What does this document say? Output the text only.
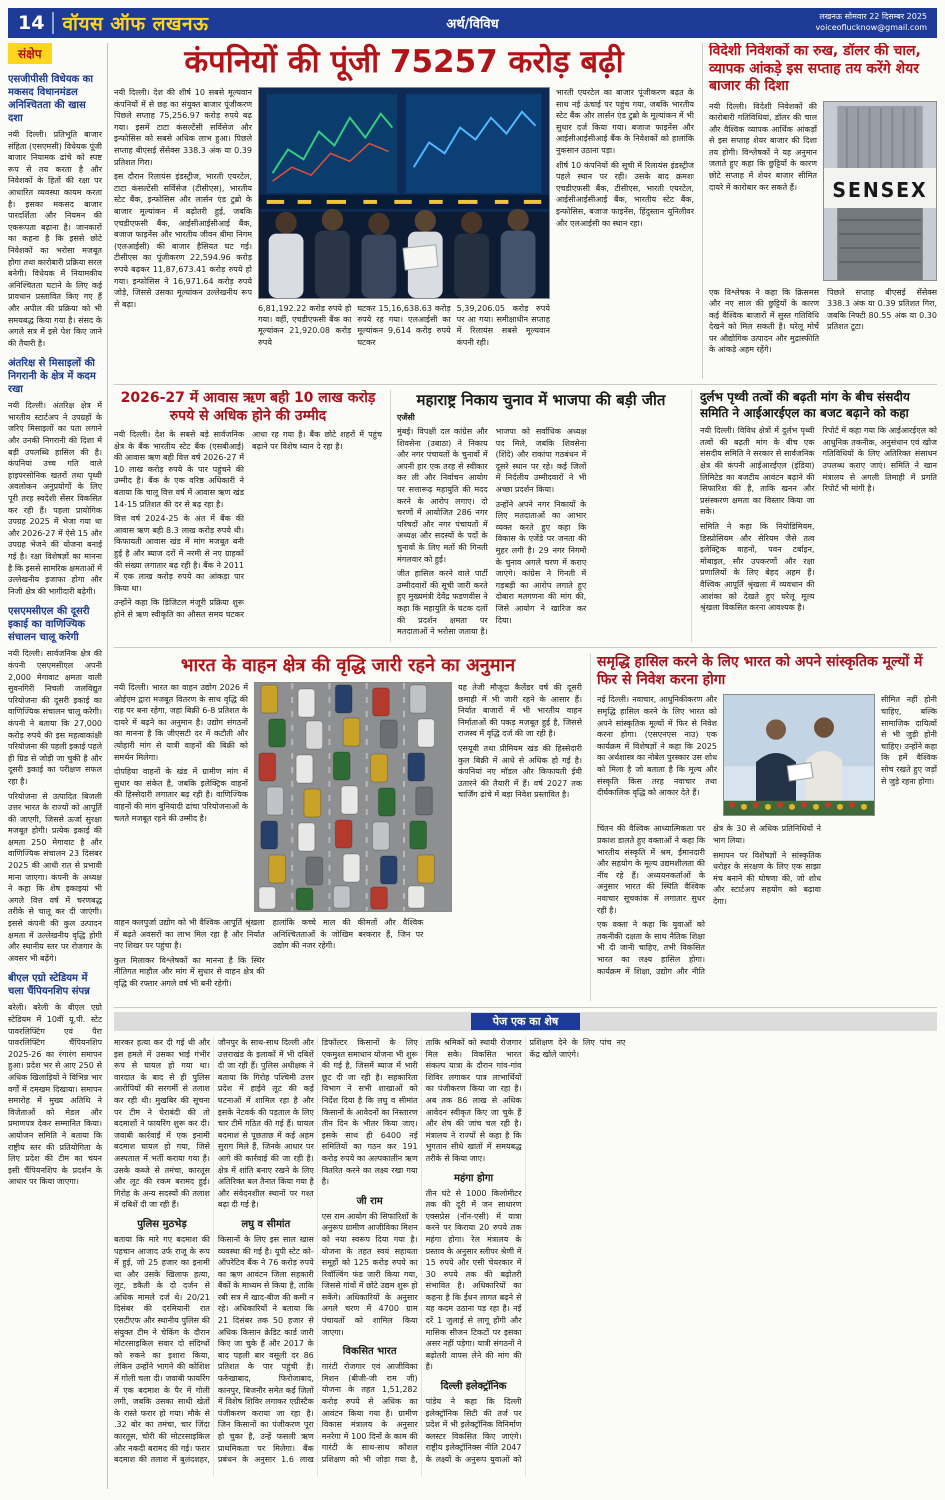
14 वॉयस ऑफ लखनऊ	अर्थ/विविध
लखनऊ सोमवार 22 दिसम्बर 2025
voiceoflucknow@gmail.com
संक्षेप
एसजीपीसी विधेयक का मकसद विधानमंडल अनिश्चितता की खास दशा

नयी दिल्ली। प्रतिभूति बाजार संहिता (एसएमसी) विधेयक पूंजी बाजार नियामक ढांचे को स्पष्ट रूप से तय करता है और निवेशकों के हितों की रक्षा पर आधारित व्यवस्था कायम करता है। इसका मकसद बाजार पारदर्शिता और नियमन की एकरूपता बढ़ाना है। जानकारों का कहना है कि इससे छोटे निवेशकों का भरोसा मजबूत होगा तथा कारोबारी प्रक्रिया सरल बनेगी। विधेयक में नियामकीय अनिश्चितता घटाने के लिए कई प्रावधान प्रस्तावित किए गए हैं और अपील की प्रक्रिया को भी समयबद्ध किया गया है। संसद के अगले सत्र में इसे पेश किए जाने की तैयारी है।

अंतरिक्ष से मिसाइलों की निगरानी के क्षेत्र में कदम रखा

नयी दिल्ली। अंतरिक्ष क्षेत्र में भारतीय स्टार्टअप ने उपग्रहों के जरिए मिसाइलों का पता लगाने और उनकी निगरानी की दिशा में बड़ी उपलब्धि हासिल की है। कंपनियां उच्च गति वाले हाइपरसोनिक खतरों तथा पृथ्वी अवलोकन अनुप्रयोगों के लिए पूरी तरह स्वदेशी सेंसर विकसित कर रही हैं। पहला प्रायोगिक उपग्रह 2025 में भेजा गया था और 2026-27 में ऐसे 15 और उपग्रह भेजने की योजना बनाई गई है। रक्षा विशेषज्ञों का मानना है कि इससे सामरिक क्षमताओं में उल्लेखनीय इजाफा होगा और निजी क्षेत्र की भागीदारी बढ़ेगी।

एसएमसीएल की दूसरी इकाई का वाणिज्यिक संचालन चालू करेगी

नयी दिल्ली। सार्वजनिक क्षेत्र की कंपनी एसएमसीएल अपनी 2,000 मेगावाट क्षमता वाली सुवनगिरी निचली जलविद्युत परियोजना की दूसरी इकाई का वाणिज्यिक संचालन चालू करेगी। कंपनी ने बताया कि 27,000 करोड़ रुपये की इस महत्वाकांक्षी परियोजना की पहली इकाई पहले ही ग्रिड से जोड़ी जा चुकी है और दूसरी इकाई का परीक्षण सफल रहा है।

परियोजना से उत्पादित बिजली उत्तर भारत के राज्यों को आपूर्ति की जाएगी, जिससे ऊर्जा सुरक्षा मजबूत होगी। प्रत्येक इकाई की क्षमता 250 मेगावाट है और वाणिज्यिक संचालन 23 दिसंबर 2025 की आधी रात से प्रभावी माना जाएगा। कंपनी के अध्यक्ष ने कहा कि शेष इकाइयां भी अगले वित्त वर्ष में चरणबद्ध तरीके से चालू कर दी जाएंगी। इससे कंपनी की कुल उत्पादन क्षमता में उल्लेखनीय वृद्धि होगी और स्थानीय स्तर पर रोजगार के अवसर भी बढ़ेंगे।

बीएल एग्रो स्टेडियम में चला चैंपियनशिप संपन्न

बरेली। बरेली के बीएल एग्रो स्टेडियम में 10वीं यू.पी. स्टेट पावरलिफ्टिंग एवं पैरा पावरलिफ्टिंग चैंपियनशिप 2025-26 का रंगारंग समापन हुआ। प्रदेश भर से आए 250 से अधिक खिलाड़ियों ने विभिन्न भार वर्गों में दमखम दिखाया। समापन समारोह में मुख्य अतिथि ने विजेताओं को मेडल और प्रमाणपत्र देकर सम्मानित किया। आयोजन समिति ने बताया कि राष्ट्रीय स्तर की प्रतियोगिता के लिए प्रदेश की टीम का चयन इसी चैंपियनशिप के प्रदर्शन के आधार पर किया जाएगा।

कंपनियों की पूंजी 75257 करोड़ बढ़ी

नयी दिल्ली। देश की शीर्ष 10 सबसे मूल्यवान कंपनियों में से छह का संयुक्त बाजार पूंजीकरण पिछले सप्ताह 75,256.97 करोड़ रुपये बढ़ गया। इसमें टाटा कंसल्टेंसी सर्विसेज और इन्फोसिस को सबसे अधिक लाभ हुआ। पिछले सप्ताह बीएसई सेंसेक्स 338.3 अंक या 0.39 प्रतिशत गिरा।

इस दौरान रिलायंस इंडस्ट्रीज, भारती एयरटेल, टाटा कंसल्टेंसी सर्विसेज (टीसीएस), भारतीय स्टेट बैंक, इन्फोसिस और लार्सन एंड टुब्रो के बाजार मूल्यांकन में बढ़ोतरी हुई, जबकि एचडीएफसी बैंक, आईसीआईसीआई बैंक, बजाज फाइनेंस और भारतीय जीवन बीमा निगम (एलआईसी) की बाजार हैसियत घट गई। टीसीएस का पूंजीकरण 22,594.96 करोड़ रुपये बढ़कर 11,87,673.41 करोड़ रुपये हो गया। इन्फोसिस ने 16,971.64 करोड़ रुपये जोड़े, जिससे उसका मूल्यांकन उल्लेखनीय रूप से बढ़ा।	6,81,192.22 करोड़ रुपये हो गया। वहीं, एचडीएफसी बैंक का मूल्यांकन 21,920.08 करोड़ रुपये
घटकर 15,16,638.63 करोड़ रुपये रह गया। एलआईसी का मूल्यांकन 9,614 करोड़ रुपये घटकर
5,39,206.05 करोड़ रुपये पर आ गया। समीक्षाधीन सप्ताह में रिलायंस सबसे मूल्यवान कंपनी रही।

भारती एयरटेल का बाजार पूंजीकरण बढ़त के साथ नई ऊंचाई पर पहुंच गया, जबकि भारतीय स्टेट बैंक और लार्सन एंड टुब्रो के मूल्यांकन में भी सुधार दर्ज किया गया। बजाज फाइनेंस और आईसीआईसीआई बैंक के निवेशकों को हालांकि नुकसान उठाना पड़ा।

शीर्ष 10 कंपनियों की सूची में रिलायंस इंडस्ट्रीज पहले स्थान पर रही। उसके बाद क्रमशः एचडीएफसी बैंक, टीसीएस, भारती एयरटेल, आईसीआईसीआई बैंक, भारतीय स्टेट बैंक, इन्फोसिस, बजाज फाइनेंस, हिंदुस्तान यूनिलीवर और एलआईसी का स्थान रहा।

विदेशी निवेशकों का रुख, डॉलर की चाल, व्यापक आंकड़े इस सप्ताह तय करेंगे शेयर बाजार की दिशा

नयी दिल्ली। विदेशी निवेशकों की कारोबारी गतिविधियां, डॉलर की चाल और वैश्विक व्यापक आर्थिक आंकड़ों से इस सप्ताह शेयर बाजार की दिशा तय होगी। विश्लेषकों ने यह अनुमान जताते हुए कहा कि छुट्टियों के कारण छोटे सप्ताह में शेयर बाजार सीमित दायरे में कारोबार कर सकते हैं।	SENSEX

एक विश्लेषक ने कहा कि क्रिसमस और नए साल की छुट्टियों के कारण कई वैश्विक बाजारों में सुस्त गतिविधि देखने को मिल सकती है। घरेलू मोर्चे पर औद्योगिक उत्पादन और मुद्रास्फीति के आंकड़े अहम रहेंगे।

पिछले सप्ताह बीएसई सेंसेक्स 338.3 अंक या 0.39 प्रतिशत गिरा, जबकि निफ्टी 80.55 अंक या 0.30 प्रतिशत टूटा।

2026-27 में आवास ऋण बही 10 लाख करोड़ रुपये से अधिक होने की उम्मीद

नयी दिल्ली। देश के सबसे बड़े सार्वजनिक क्षेत्र के बैंक भारतीय स्टेट बैंक (एसबीआई) की आवास ऋण बही वित्त वर्ष 2026-27 में 10 लाख करोड़ रुपये के पार पहुंचने की उम्मीद है। बैंक के एक वरिष्ठ अधिकारी ने बताया कि चालू वित्त वर्ष में आवास ऋण खंड 14-15 प्रतिशत की दर से बढ़ रहा है।

वित्त वर्ष 2024-25 के अंत में बैंक की आवास ऋण बही 8.3 लाख करोड़ रुपये थी। किफायती आवास खंड में मांग मजबूत बनी हुई है और ब्याज दरों में नरमी से नए ग्राहकों की संख्या लगातार बढ़ रही है। बैंक ने 2011 में एक लाख करोड़ रुपये का आंकड़ा पार किया था।

उन्होंने कहा कि डिजिटल मंजूरी प्रक्रिया शुरू होने से ऋण स्वीकृति का औसत समय घटकर आधा रह गया है। बैंक छोटे शहरों में पहुंच बढ़ाने पर विशेष ध्यान दे रहा है।

महाराष्ट्र निकाय चुनाव में भाजपा की बड़ी जीत
एजेंसी

मुंबई। विपक्षी दल कांग्रेस और शिवसेना (उबाठा) ने निकाय और नगर पंचायतों के चुनावों में अपनी हार एक तरह से स्वीकार कर ली और निर्वाचन आयोग पर सत्तारूढ़ महायुति की मदद करने के आरोप लगाए। दो चरणों में आयोजित 286 नगर परिषदों और नगर पंचायतों में अध्यक्ष और सदस्यों के पदों के चुनावों के लिए मतों की गिनती मंगलवार को हुई।

जीत हासिल करने वाले पार्टी उम्मीदवारों की सूची जारी करते हुए मुख्यमंत्री देवेंद्र फडणवीस ने कहा कि महायुति के घटक दलों की प्रदर्शन क्षमता पर मतदाताओं ने भरोसा जताया है। भाजपा को सर्वाधिक अध्यक्ष पद मिले, जबकि शिवसेना (शिंदे) और राकांपा गठबंधन में दूसरे स्थान पर रहे। कई जिलों में निर्दलीय उम्मीदवारों ने भी अच्छा प्रदर्शन किया।

उन्होंने अपने नगर निकायों के लिए मतदाताओं का आभार व्यक्त करते हुए कहा कि विकास के एजेंडे पर जनता की मुहर लगी है। 29 नगर निगमों के चुनाव अगले चरण में कराए जाएंगे। कांग्रेस ने गिनती में गड़बड़ी का आरोप लगाते हुए दोबारा मतगणना की मांग की, जिसे आयोग ने खारिज कर दिया।

दुर्लभ पृथ्वी तत्वों की बढ़ती मांग के बीच संसदीय समिति ने आईआरईएल का बजट बढ़ाने को कहा

नयी दिल्ली। विविध क्षेत्रों में दुर्लभ पृथ्वी तत्वों की बढ़ती मांग के बीच एक संसदीय समिति ने सरकार से सार्वजनिक क्षेत्र की कंपनी आईआरईएल (इंडिया) लिमिटेड का बजटीय आवंटन बढ़ाने की सिफारिश की है, ताकि खनन और प्रसंस्करण क्षमता का विस्तार किया जा सके।

समिति ने कहा कि नियोडिमियम, डिस्प्रोसियम और सेरियम जैसे तत्व इलेक्ट्रिक वाहनों, पवन टर्बाइन, मोबाइल, सौर उपकरणों और रक्षा प्रणालियों के लिए बेहद अहम हैं। वैश्विक आपूर्ति श्रृंखला में व्यवधान की आशंका को देखते हुए घरेलू मूल्य श्रृंखला विकसित करना आवश्यक है।

रिपोर्ट में कहा गया कि आईआरईएल को आधुनिक तकनीक, अनुसंधान एवं खोज गतिविधियों के लिए अतिरिक्त संसाधन उपलब्ध कराए जाएं। समिति ने खान मंत्रालय से अगली तिमाही में प्रगति रिपोर्ट भी मांगी है।

भारत के वाहन क्षेत्र की वृद्धि जारी रहने का अनुमान

नयी दिल्ली। भारत का वाहन उद्योग 2026 में ओईएम द्वारा मजबूत वितरण के साथ वृद्धि की राह पर बना रहेगा, जहां बिक्री 6-8 प्रतिशत के दायरे में बढ़ने का अनुमान है। उद्योग संगठनों का मानना है कि जीएसटी दर में कटौती और त्योहारी मांग से यात्री वाहनों की बिक्री को समर्थन मिलेगा।

दोपहिया वाहनों के खंड में ग्रामीण मांग में सुधार का संकेत है, जबकि इलेक्ट्रिक वाहनों की हिस्सेदारी लगातार बढ़ रही है। वाणिज्यिक वाहनों की मांग बुनियादी ढांचा परियोजनाओं के चलते मजबूत रहने की उम्मीद है।

यह तेजी मौजूदा कैलेंडर वर्ष की दूसरी छमाही में भी जारी रहने के आसार हैं। निर्यात बाजारों में भी भारतीय वाहन निर्माताओं की पकड़ मजबूत हुई है, जिससे राजस्व में वृद्धि दर्ज की जा रही है।

एसयूवी तथा प्रीमियम खंड की हिस्सेदारी कुल बिक्री में आधे से अधिक हो गई है। कंपनियां नए मॉडल और किफायती ईवी उतारने की तैयारी में हैं। वर्ष 2027 तक चार्जिंग ढांचे में बड़ा निवेश प्रस्तावित है।

वाहन कलपुर्जा उद्योग को भी वैश्विक आपूर्ति श्रृंखला में बढ़ते अवसरों का लाभ मिल रहा है और निर्यात नए शिखर पर पहुंचा है।

कुल मिलाकर विश्लेषकों का मानना है कि स्थिर नीतिगत माहौल और मांग में सुधार से वाहन क्षेत्र की वृद्धि की रफ्तार अगले वर्ष भी बनी रहेगी।

हालांकि कच्चे माल की कीमतों और वैश्विक अनिश्चितताओं के जोखिम बरकरार हैं, जिन पर उद्योग की नजर रहेगी।

समृद्धि हासिल करने के लिए भारत को अपने सांस्कृतिक मूल्यों में फिर से निवेश करना होगा

नई दिल्ली। नवाचार, आधुनिकीकरण और समृद्धि हासिल करने के लिए भारत को अपने सांस्कृतिक मूल्यों में फिर से निवेश करना होगा। (एसएनएस नाउ) एक कार्यक्रम में विशेषज्ञों ने कहा कि 2025 का अर्थशास्त्र का नोबेल पुरस्कार उस शोध को मिला है जो बताता है कि मूल्य और संस्कृति किस तरह नवाचार तथा दीर्घकालिक वृद्धि को आकार देते हैं।

सीमित नहीं होनी चाहिए, बल्कि सामाजिक दायित्वों से भी जुड़ी होनी चाहिए। उन्होंने कहा कि हमें वैश्विक सोच रखते हुए जड़ों से जुड़े रहना होगा।

चिंतन की वैश्विक आध्यात्मिकता पर प्रकाश डालते हुए वक्ताओं ने कहा कि भारतीय संस्कृति में श्रम, ईमानदारी और सहयोग के मूल्य उद्यमशीलता की नींव रहे हैं। अध्ययनकर्ताओं के अनुसार भारत की स्थिति वैश्विक नवाचार सूचकांक में लगातार सुधर रही है।

एक वक्ता ने कहा कि युवाओं को तकनीकी दक्षता के साथ नैतिक शिक्षा भी दी जानी चाहिए, तभी विकसित भारत का लक्ष्य हासिल होगा। कार्यक्रम में शिक्षा, उद्योग और नीति क्षेत्र के 30 से अधिक प्रतिनिधियों ने भाग लिया।

समापन पर विशेषज्ञों ने सांस्कृतिक धरोहर के संरक्षण के लिए एक साझा मंच बनाने की घोषणा की, जो शोध और स्टार्टअप सहयोग को बढ़ावा देगा।

पेज एक का शेष

मारकर हत्या कर दी गई थी और इस हमले में उसका भाई गंभीर रूप से घायल हो गया था। वारदात के बाद से ही पुलिस आरोपियों की सरगर्मी से तलाश कर रही थी। मुखबिर की सूचना पर टीम ने घेराबंदी की तो बदमाशों ने फायरिंग शुरू कर दी। जवाबी कार्रवाई में एक इनामी बदमाश घायल हो गया, जिसे अस्पताल में भर्ती कराया गया है। उसके कब्जे से तमंचा, कारतूस और लूट की रकम बरामद हुई। गिरोह के अन्य सदस्यों की तलाश में दबिशें दी जा रही हैं।

पुलिस मुठभेड़

बताया कि मारे गए बदमाश की पहचान आजाद उर्फ राजू के रूप में हुई, जो 25 हजार का इनामी था और उसके खिलाफ हत्या, लूट, डकैती के दो दर्जन से अधिक मामले दर्ज थे। 20/21 दिसंबर की दरमियानी रात एसटीएफ और स्थानीय पुलिस की संयुक्त टीम ने चेकिंग के दौरान मोटरसाइकिल सवार दो संदिग्धों को रुकने का इशारा किया, लेकिन उन्होंने भागने की कोशिश में गोली चला दी। जवाबी फायरिंग में एक बदमाश के पैर में गोली लगी, जबकि उसका साथी खेतों के रास्ते फरार हो गया। मौके से .32 बोर का तमंचा, चार जिंदा कारतूस, चोरी की मोटरसाइकिल और नकदी बरामद की गई। फरार बदमाश की तलाश में बुलंदशहर, जौनपुर के साथ-साथ दिल्ली और उत्तराखंड के इलाकों में भी दबिशें दी जा रही हैं। पुलिस अधीक्षक ने बताया कि गिरोह पश्चिमी उत्तर प्रदेश में हाईवे लूट की कई घटनाओं में शामिल रहा है और इसके नेटवर्क की पड़ताल के लिए चार टीमें गठित की गई हैं। घायल बदमाश से पूछताछ में कई अहम सुराग मिले हैं, जिनके आधार पर आगे की कार्रवाई की जा रही है। क्षेत्र में शांति बनाए रखने के लिए अतिरिक्त बल तैनात किया गया है और संवेदनशील स्थानों पर गश्त बढ़ा दी गई है।

लघु व सीमांत

किसानों के लिए इस साल खास व्यवस्था की गई है। यूपी स्टेट को-ऑपरेटिव बैंक ने 76 करोड़ रुपये का ऋण आवंटन जिला सहकारी बैंकों के माध्यम से किया है, ताकि रबी सत्र में खाद-बीज की कमी न रहे। अधिकारियों ने बताया कि 21 दिसंबर तक 50 हजार से अधिक किसान क्रेडिट कार्ड जारी किए जा चुके हैं और 2017 के बाद पहली बार वसूली दर 86 प्रतिशत के पार पहुंची है। फर्रुखाबाद, फिरोजाबाद, कानपुर, बिजनौर समेत कई जिलों में विशेष शिविर लगाकर एग्रीस्टैक पंजीकरण कराया जा रहा है। जिन किसानों का पंजीकरण पूरा हो चुका है, उन्हें फसली ऋण प्राथमिकता पर मिलेगा। बैंक प्रबंधन के अनुसार 1.6 लाख डिफॉल्टर किसानों के लिए एकमुश्त समाधान योजना भी शुरू की गई है, जिसमें ब्याज में भारी छूट दी जा रही है। सहकारिता विभाग ने सभी शाखाओं को निर्देश दिया है कि लघु व सीमांत किसानों के आवेदनों का निस्तारण तीन दिन के भीतर किया जाए। इसके साथ ही 6400 नई समितियों का गठन कर 191 करोड़ रुपये का अल्पकालीन ऋण वितरित करने का लक्ष्य रखा गया है।

जी राम

एस राम आयोग की सिफारिशों के अनुरूप ग्रामीण आजीविका मिशन को नया स्वरूप दिया गया है। योजना के तहत स्वयं सहायता समूहों को 125 करोड़ रुपये का रिवॉल्विंग फंड जारी किया गया, जिससे गांवों में छोटे उद्यम शुरू हो सकेंगे। अधिकारियों के अनुसार अगले चरण में 4700 ग्राम पंचायतों को शामिल किया जाएगा।

विकसित भारत

गारंटी रोजगार एवं आजीविका मिशन (बीजी-जी राम जी) योजना के तहत 1,51,282 करोड़ रुपये से अधिक का आवंटन किया गया है। ग्रामीण विकास मंत्रालय के अनुसार मनरेगा में 100 दिनों के काम की गारंटी के साथ-साथ कौशल प्रशिक्षण को भी जोड़ा गया है, ताकि श्रमिकों को स्थायी रोजगार मिल सके। विकसित भारत संकल्प यात्रा के दौरान गांव-गांव शिविर लगाकर पात्र लाभार्थियों का पंजीकरण किया जा रहा है। अब तक 86 लाख से अधिक आवेदन स्वीकृत किए जा चुके हैं और शेष की जांच चल रही है। मंत्रालय ने राज्यों से कहा है कि भुगतान सीधे खातों में समयबद्ध तरीके से किया जाए।

महंगा होगा

तीन घंटे से 1000 किलोमीटर तक की दूरी में जन साधारण एक्सप्रेस (नॉन-एसी) में यात्रा करने पर किराया 20 रुपये तक महंगा होगा। रेल मंत्रालय के प्रस्ताव के अनुसार स्लीपर श्रेणी में 15 रुपये और एसी चेयरकार में 30 रुपये तक की बढ़ोतरी संभावित है। अधिकारियों का कहना है कि ईंधन लागत बढ़ने से यह कदम उठाना पड़ रहा है। नई दरें 1 जुलाई से लागू होंगी और मासिक सीजन टिकटों पर इसका असर नहीं पड़ेगा। यात्री संगठनों ने बढ़ोतरी वापस लेने की मांग की है।

दिल्ली इलेक्ट्रॉनिक

पांडेय ने कहा कि दिल्ली इलेक्ट्रॉनिक सिटी की तर्ज पर प्रदेश में भी इलेक्ट्रॉनिक विनिर्माण क्लस्टर विकसित किए जाएंगे। राष्ट्रीय इलेक्ट्रॉनिक्स नीति 2047 के लक्ष्यों के अनुरूप युवाओं को प्रशिक्षण देने के लिए पांच नए केंद्र खोले जाएंगे।
